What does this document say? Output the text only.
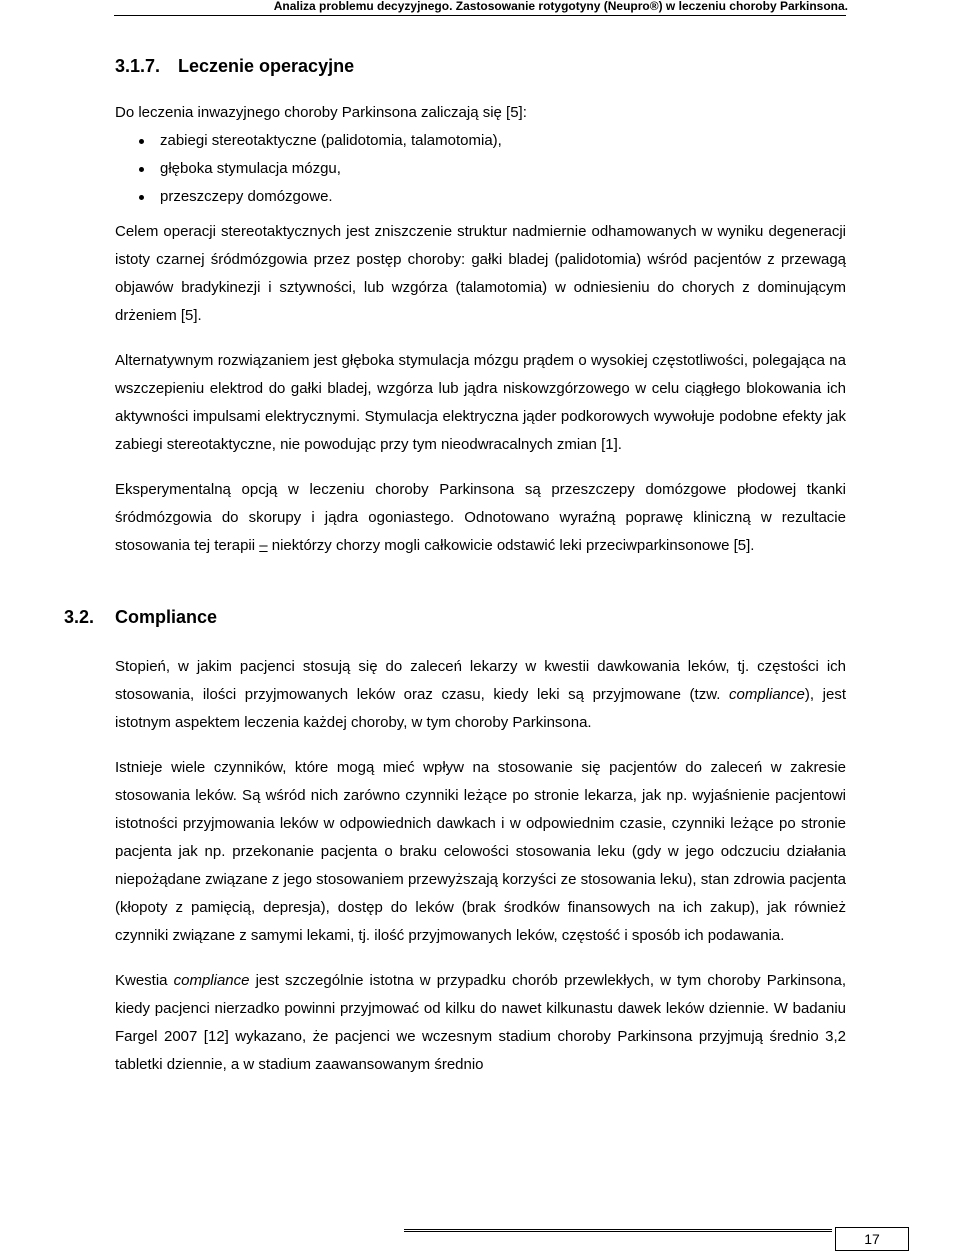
Analiza problemu decyzyjnego. Zastosowanie rotygotyny (Neupro®) w leczeniu choroby Parkinsona.
3.1.7. Leczenie operacyjne

Do leczenia inwazyjnego choroby Parkinsona zaliczają się [5]:

zabiegi stereotaktyczne (palidotomia, talamotomia),
głęboka stymulacja mózgu,
przeszczepy domózgowe.

Celem operacji stereotaktycznych jest zniszczenie struktur nadmiernie odhamowanych w wyniku degeneracji istoty czarnej śródmózgowia przez postęp choroby: gałki bladej (palidotomia) wśród pacjentów z przewagą objawów bradykinezji i sztywności, lub wzgórza (talamotomia) w odniesieniu do chorych z dominującym drżeniem [5].

Alternatywnym rozwiązaniem jest głęboka stymulacja mózgu prądem o wysokiej częstotliwości, polegająca na wszczepieniu elektrod do gałki bladej, wzgórza lub jądra niskowzgórzowego w celu ciągłego blokowania ich aktywności impulsami elektrycznymi. Stymulacja elektryczna jąder podkorowych wywołuje podobne efekty jak zabiegi stereotaktyczne, nie powodując przy tym nieodwracalnych zmian [1].

Eksperymentalną opcją w leczeniu choroby Parkinsona są przeszczepy domózgowe płodowej tkanki śródmózgowia do skorupy i jądra ogoniastego. Odnotowano wyraźną poprawę kliniczną w rezultacie stosowania tej terapii – niektórzy chorzy mogli całkowicie odstawić leki przeciwparkinsonowe [5].

3.2. Compliance

Stopień, w jakim pacjenci stosują się do zaleceń lekarzy w kwestii dawkowania leków, tj. częstości ich stosowania, ilości przyjmowanych leków oraz czasu, kiedy leki są przyjmowane (tzw. compliance), jest istotnym aspektem leczenia każdej choroby, w tym choroby Parkinsona.

Istnieje wiele czynników, które mogą mieć wpływ na stosowanie się pacjentów do zaleceń w zakresie stosowania leków. Są wśród nich zarówno czynniki leżące po stronie lekarza, jak np. wyjaśnienie pacjentowi istotności przyjmowania leków w odpowiednich dawkach i w odpowiednim czasie, czynniki leżące po stronie pacjenta jak np. przekonanie pacjenta o braku celowości stosowania leku (gdy w jego odczuciu działania niepożądane związane z jego stosowaniem przewyższają korzyści ze stosowania leku), stan zdrowia pacjenta (kłopoty z pamięcią, depresja), dostęp do leków (brak środków finansowych na ich zakup), jak również czynniki związane z samymi lekami, tj. ilość przyjmowanych leków, częstość i sposób ich podawania.

Kwestia compliance jest szczególnie istotna w przypadku chorób przewlekłych, w tym choroby Parkinsona, kiedy pacjenci nierzadko powinni przyjmować od kilku do nawet kilkunastu dawek leków dziennie. W badaniu Fargel 2007 [12] wykazano, że pacjenci we wczesnym stadium choroby Parkinsona przyjmują średnio 3,2 tabletki dziennie, a w stadium zaawansowanym średnio

17
